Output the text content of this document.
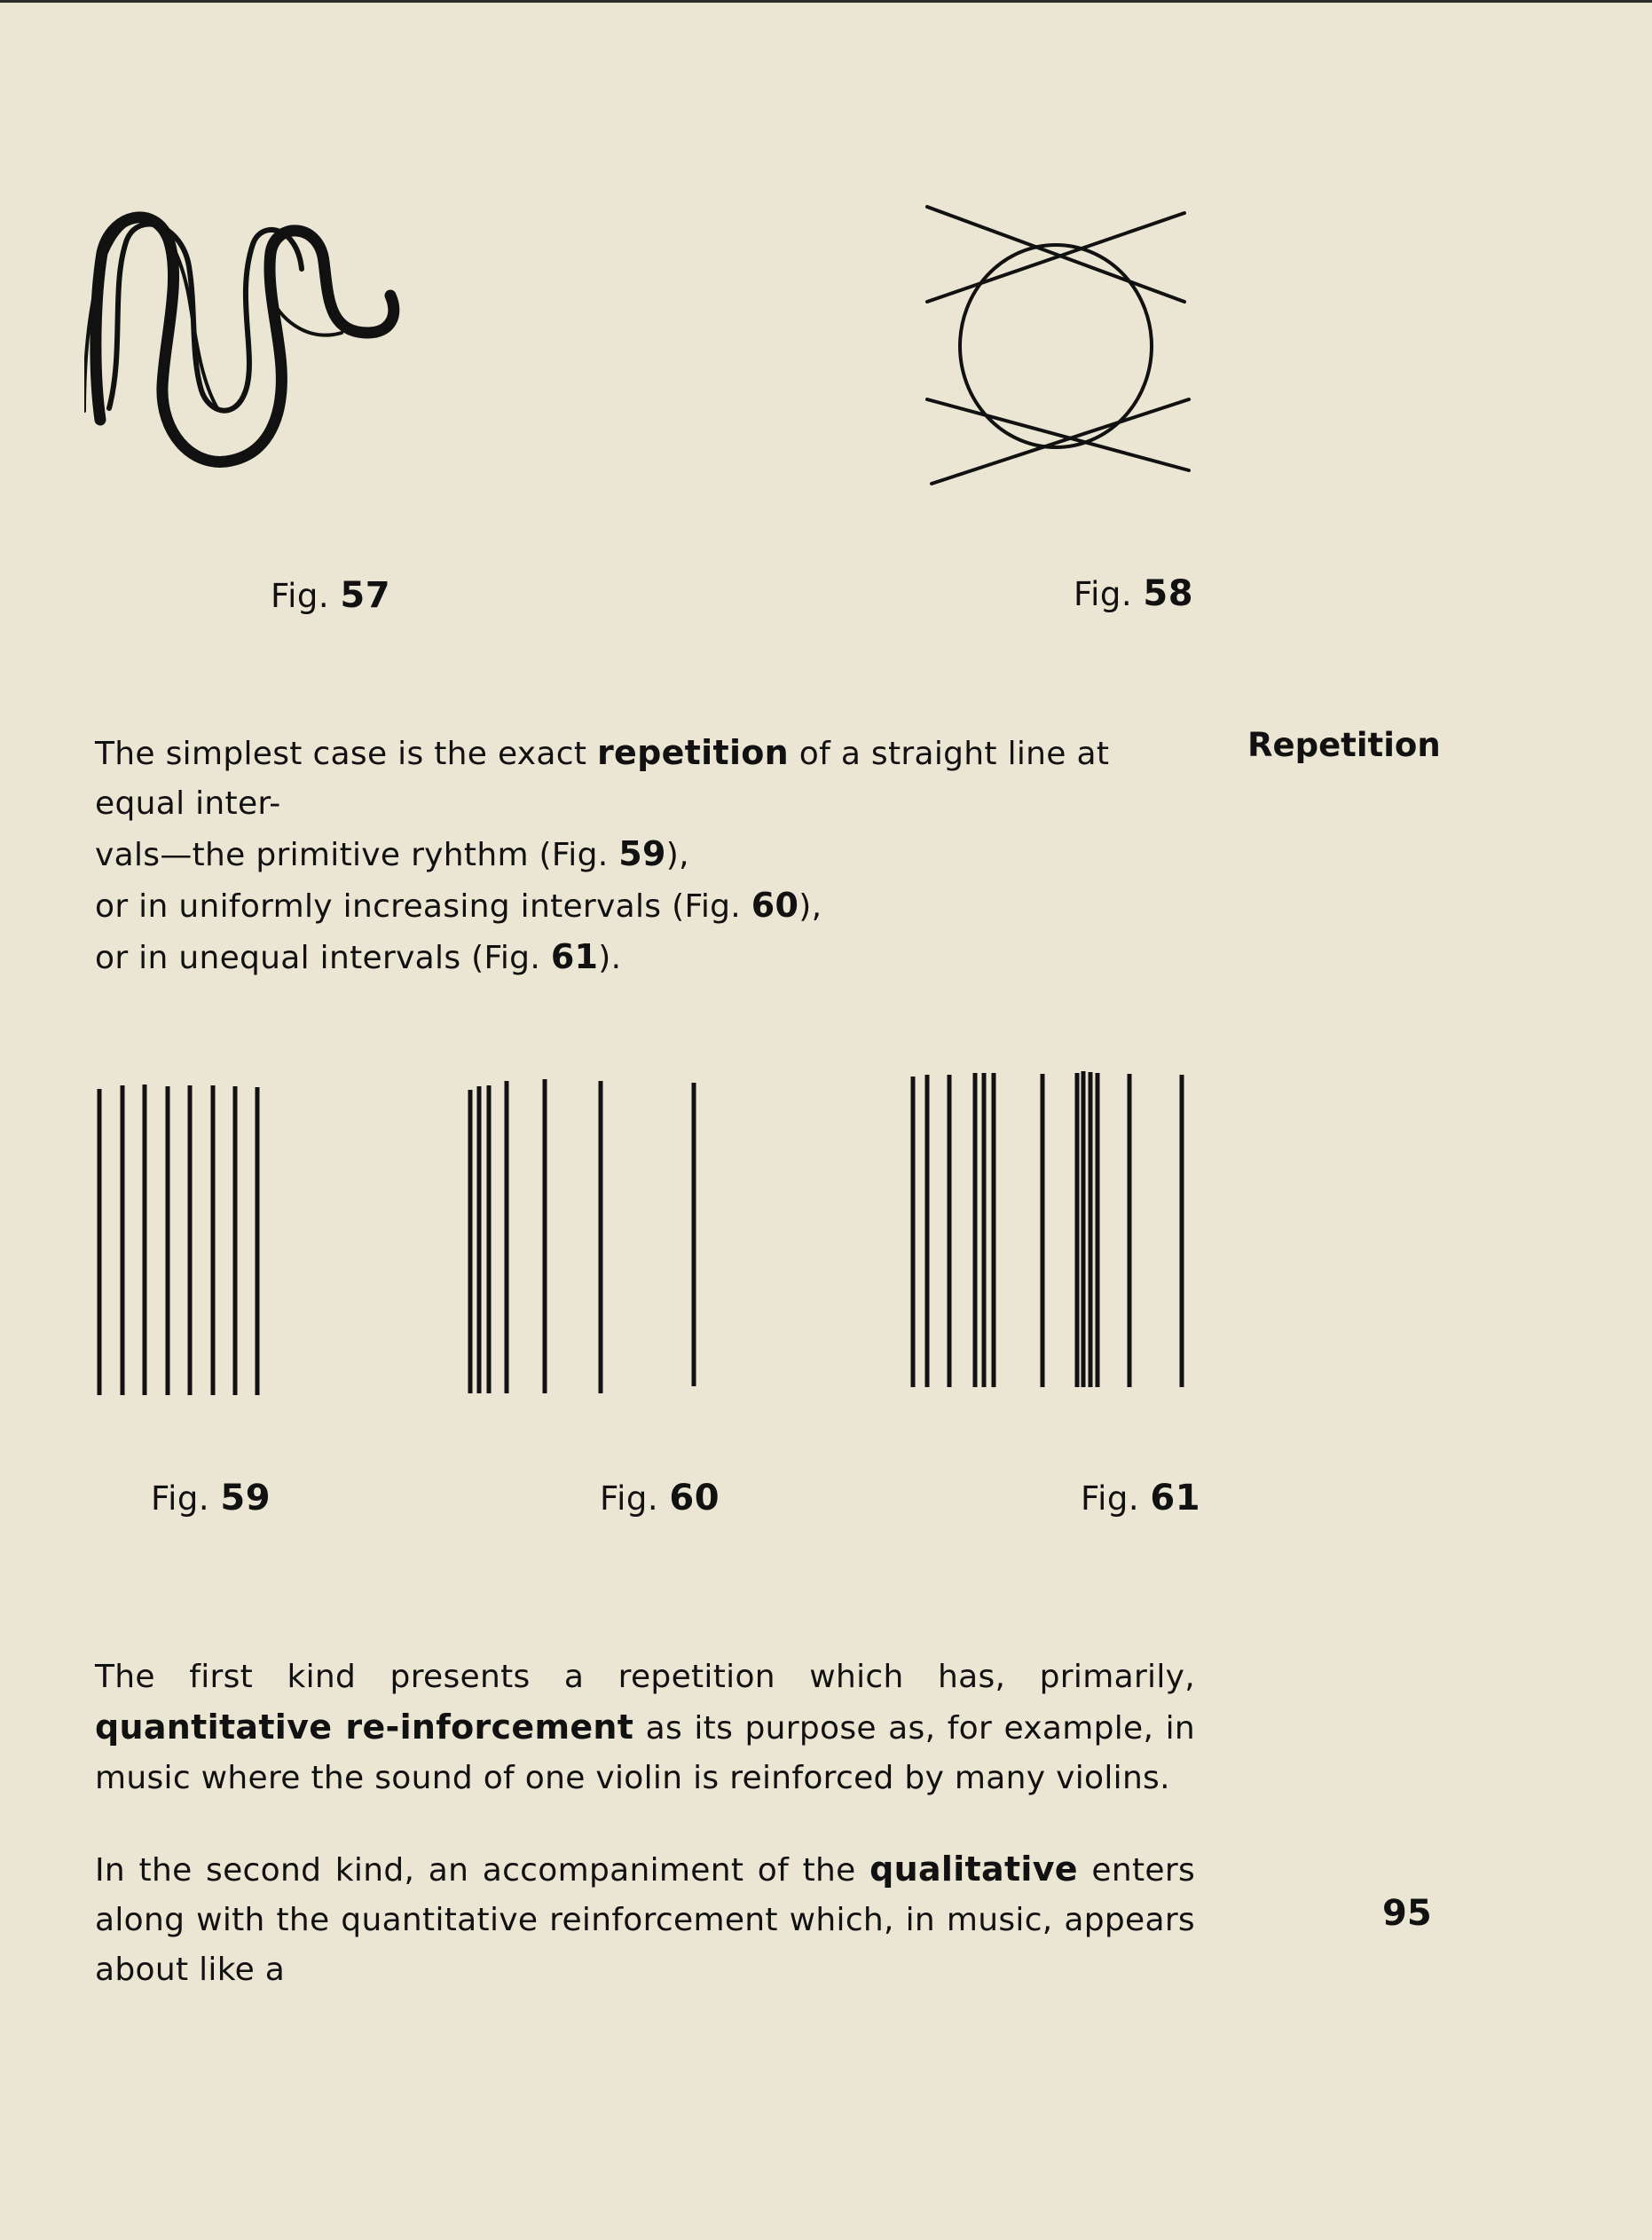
Fig. 57	Fig. 58

The simplest case is the exact repetition of a straight line at equal inter-

vals—the primitive ryhthm (Fig. 59),

or in uniformly increasing intervals (Fig. 60),

or in unequal intervals (Fig. 61).

Repetition
Fig. 59	Fig. 60	Fig. 61

The first kind presents a repetition which has, primarily, quantitative re-inforcement as its purpose as, for example, in music where the sound of one violin is reinforced by many violins.

In the second kind, an accompaniment of the qualitative enters along with the quantitative reinforcement which, in music, appears about like a

95
